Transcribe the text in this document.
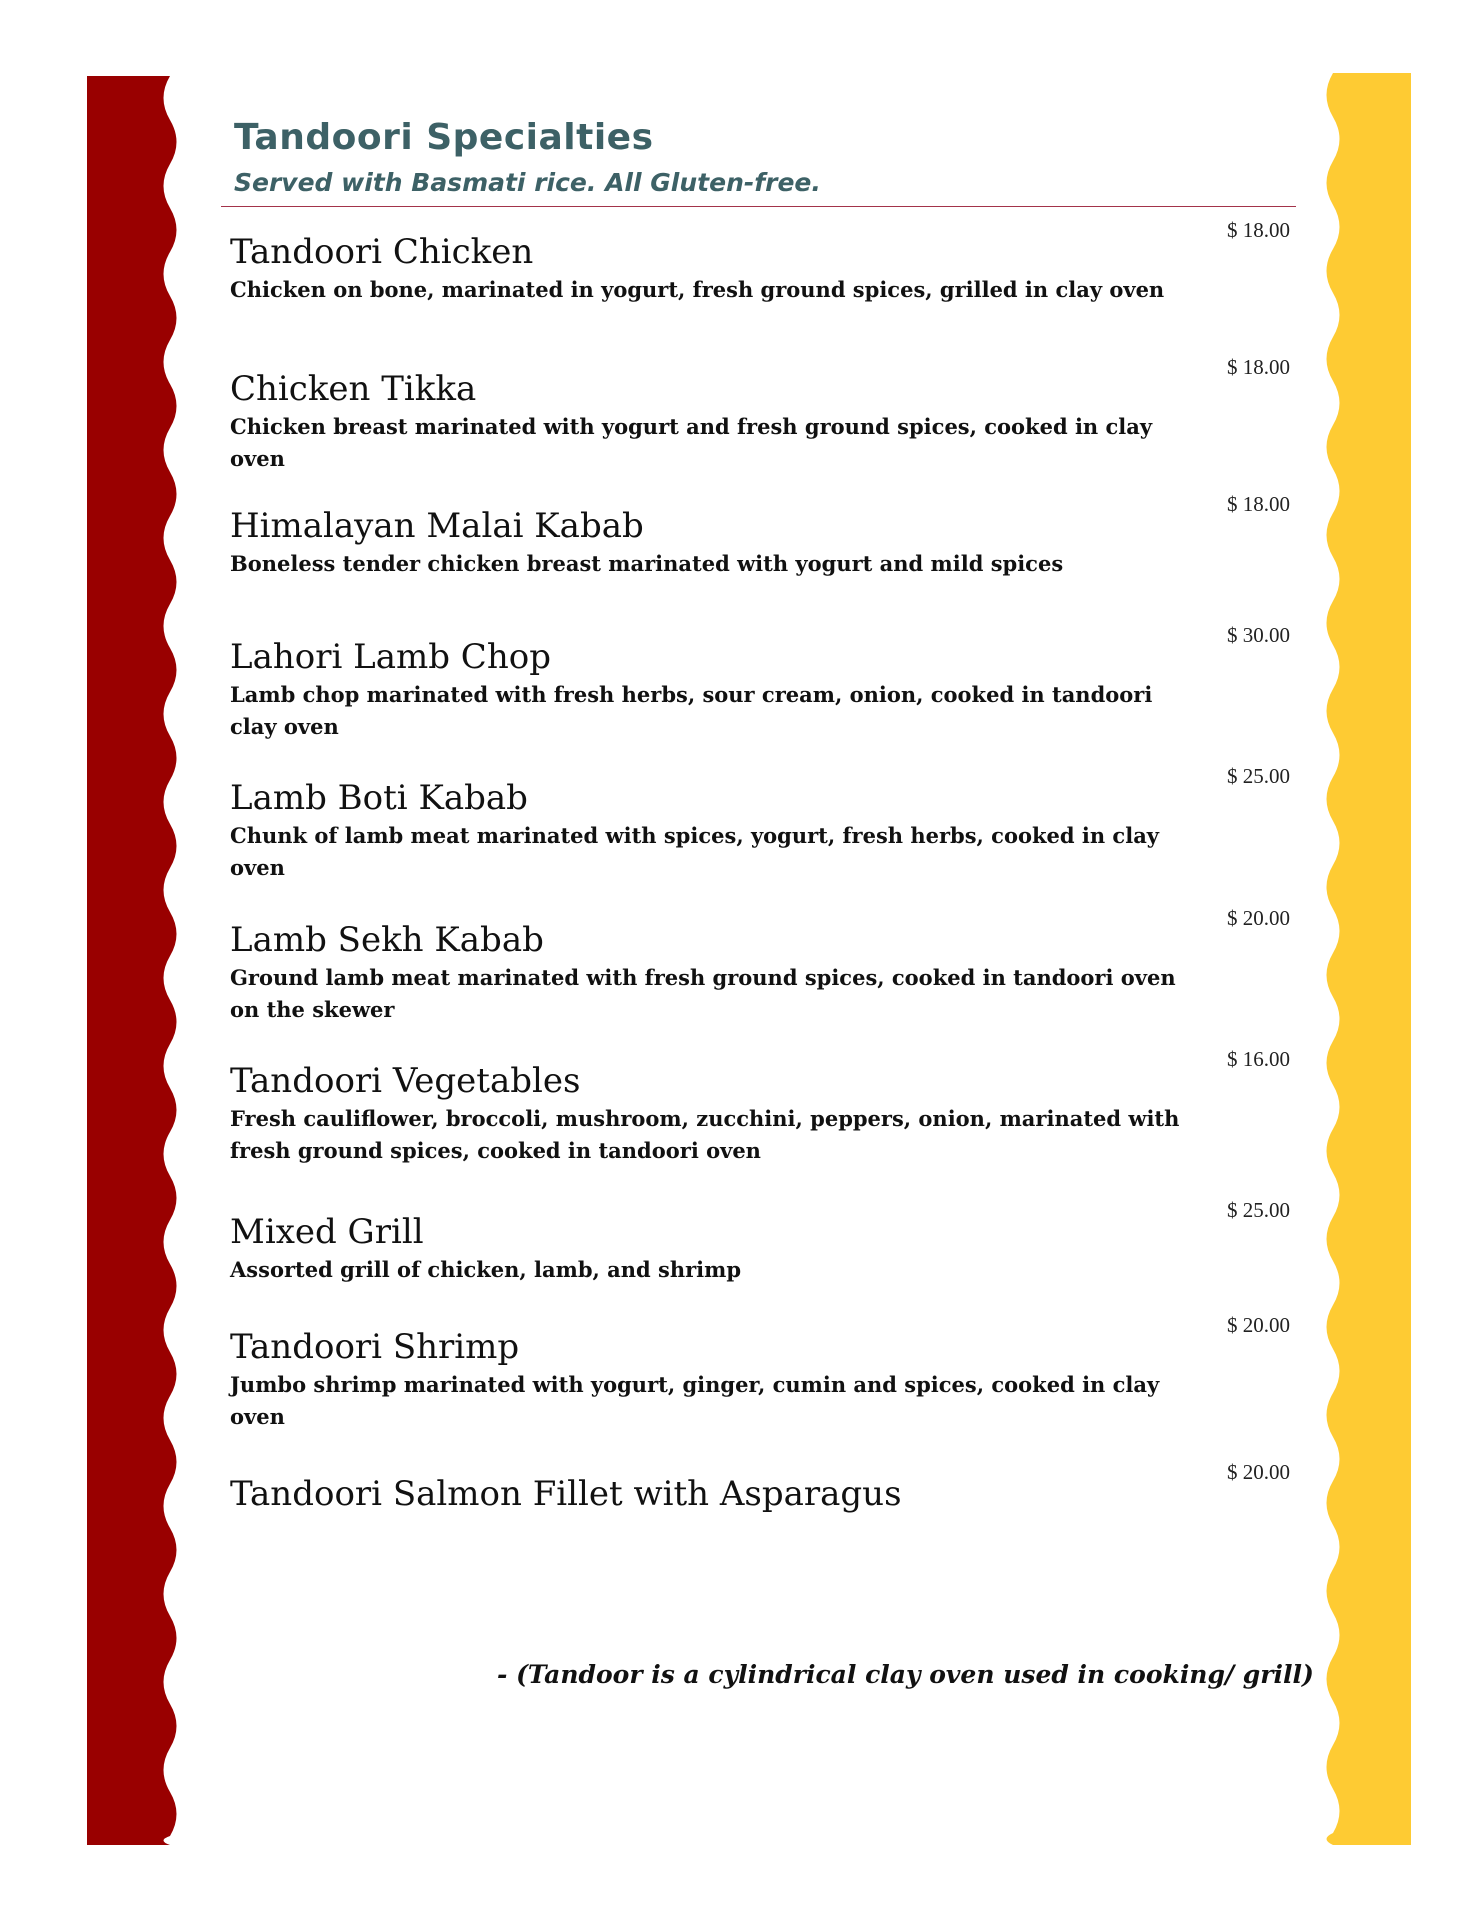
Tandoori Specialties
Served with Basmati rice. All Gluten-free.
Tandoori Chicken
Chicken on bone, marinated in yogurt, fresh ground spices, grilled in clay oven
$ 18.00
Chicken Tikka
Chicken breast marinated with yogurt and fresh ground spices, cooked in clay oven
$ 18.00
Himalayan Malai Kabab
Boneless tender chicken breast marinated with yogurt and mild spices
$ 18.00
Lahori Lamb Chop
Lamb chop marinated with fresh herbs, sour cream, onion, cooked in tandoori clay oven
$ 30.00
Lamb Boti Kabab
Chunk of lamb meat marinated with spices, yogurt, fresh herbs, cooked in clay oven
$ 25.00
Lamb Sekh Kabab
Ground lamb meat marinated with fresh ground spices, cooked in tandoori oven on the skewer
$ 20.00
Tandoori Vegetables
Fresh cauliflower, broccoli, mushroom, zucchini, peppers, onion, marinated with fresh ground spices, cooked in tandoori oven
$ 16.00
Mixed Grill
Assorted grill of chicken, lamb, and shrimp
$ 25.00
Tandoori Shrimp
Jumbo shrimp marinated with yogurt, ginger, cumin and spices, cooked in clay oven
$ 20.00
Tandoori Salmon Fillet with Asparagus
$ 20.00
- (Tandoor is a cylindrical clay oven used in cooking/ grill)
